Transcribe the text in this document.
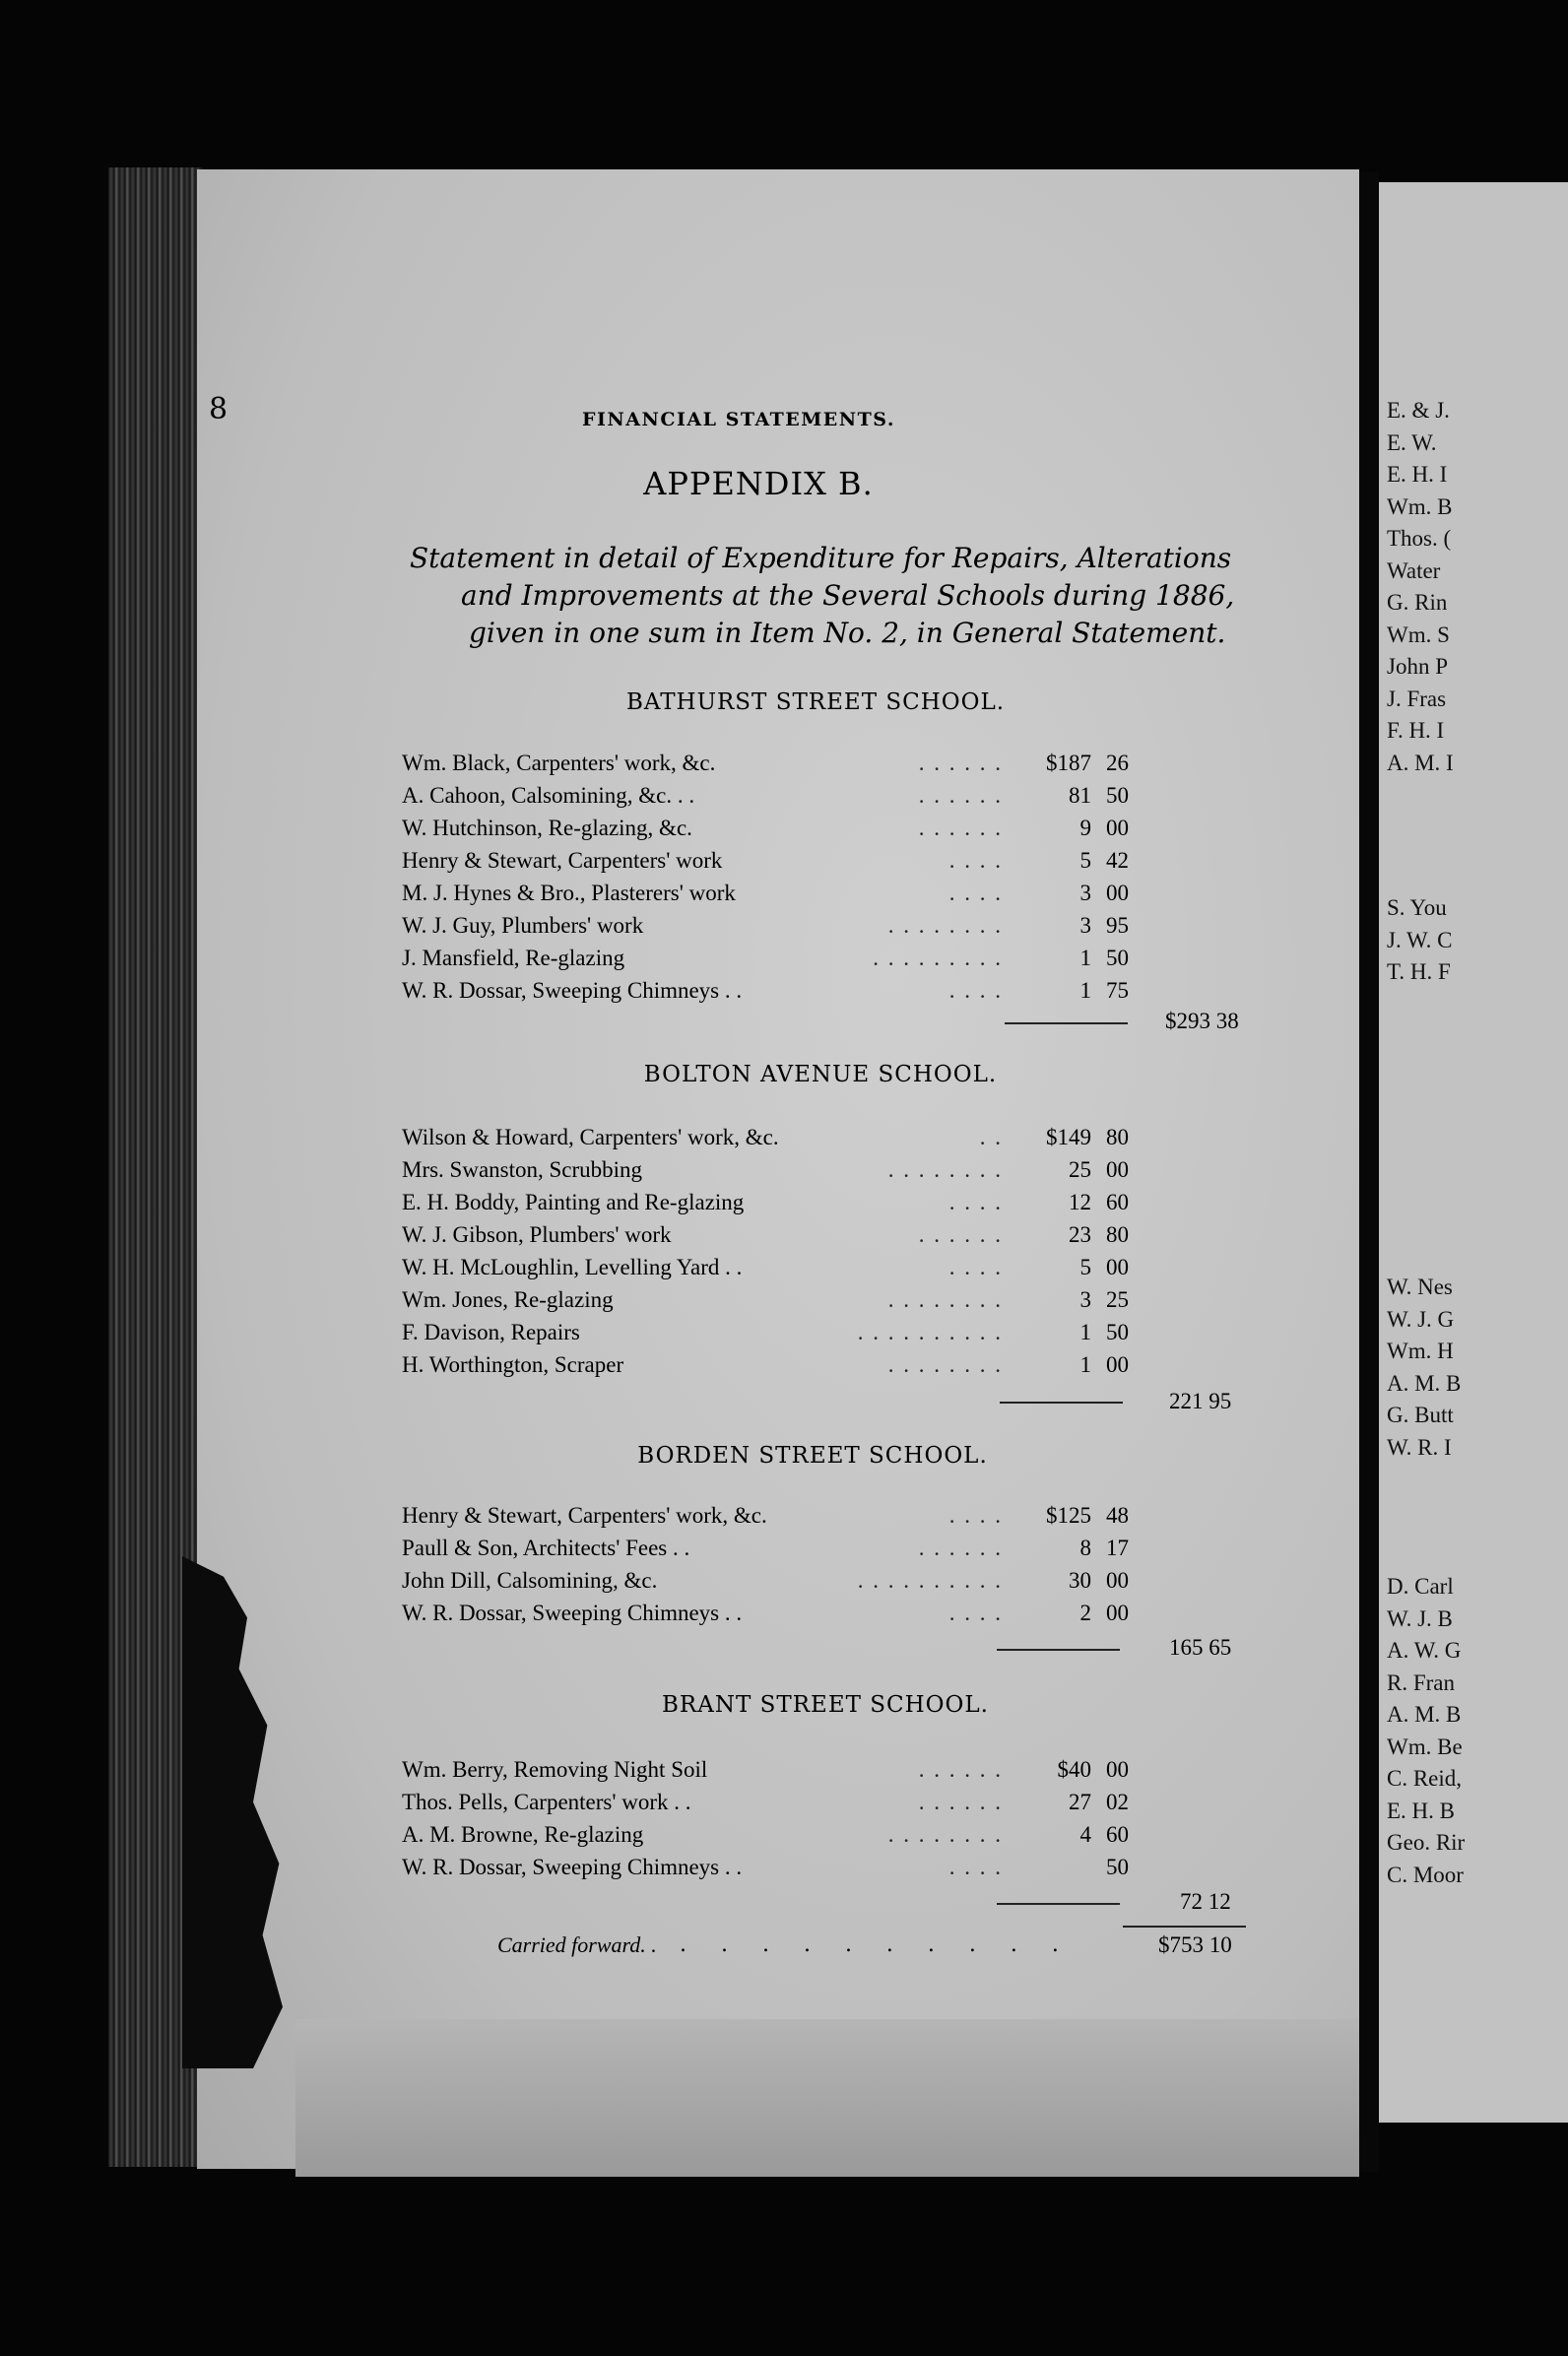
8	FINANCIAL STATEMENTS.
APPENDIX B.
Statement in detail of Expenditure for Repairs, Alterations
and Improvements at the Several Schools during 1886,
given in one sum in Item No. 2, in General Statement.
BATHURST STREET SCHOOL.
Wm. Black, Carpenters' work, &c.	. . . . . .	$187 26
A. Cahoon, Calsomining, &c. . .	. . . . . .	81 50
W. Hutchinson, Re-glazing, &c.	. . . . . .	9 00
Henry & Stewart, Carpenters' work	. . . .	5 42
M. J. Hynes & Bro., Plasterers' work	. . . .	3 00
W. J. Guy, Plumbers' work	. . . . . . . .	3 95
J. Mansfield, Re-glazing	. . . . . . . . .	1 50
W. R. Dossar, Sweeping Chimneys . .	. . . .	1 75
$293 38
BOLTON AVENUE SCHOOL.
Wilson & Howard, Carpenters' work, &c.	. .	$149 80
Mrs. Swanston, Scrubbing	. . . . . . . .	25 00
E. H. Boddy, Painting and Re-glazing	. . . .	12 60
W. J. Gibson, Plumbers' work	. . . . . .	23 80
W. H. McLoughlin, Levelling Yard . .	. . . .	5 00
Wm. Jones, Re-glazing	. . . . . . . .	3 25
F. Davison, Repairs	. . . . . . . . . .	1 50
H. Worthington, Scraper	. . . . . . . .	1 00
221 95
BORDEN STREET SCHOOL.
Henry & Stewart, Carpenters' work, &c.	. . . .	$125 48
Paull & Son, Architects' Fees . .	. . . . . .	8 17
John Dill, Calsomining, &c.	. . . . . . . . . .	30 00
W. R. Dossar, Sweeping Chimneys . .	. . . .	2 00
165 65
BRANT STREET SCHOOL.
Wm. Berry, Removing Night Soil	. . . . . .	$40 00
Thos. Pells, Carpenters' work . .	. . . . . .	27 02
A. M. Browne, Re-glazing	. . . . . . . .	4 60
W. R. Dossar, Sweeping Chimneys . .	. . . .	50
72 12
Carried forward. . . . . . . . . . . .	$753 10
E. & J.
E. W.
E. H. I
Wm. B
Thos. (
Water
G. Rin
Wm. S
John P
J. Fras
F. H. I
A. M. I
S. You
J. W. C
T. H. F
W. Nes
W. J. G
Wm. H
A. M. B
G. Butt
W. R. I
D. Carl
W. J. B
A. W. G
R. Fran
A. M. B
Wm. Be
C. Reid,
E. H. B
Geo. Rir
C. Moor
